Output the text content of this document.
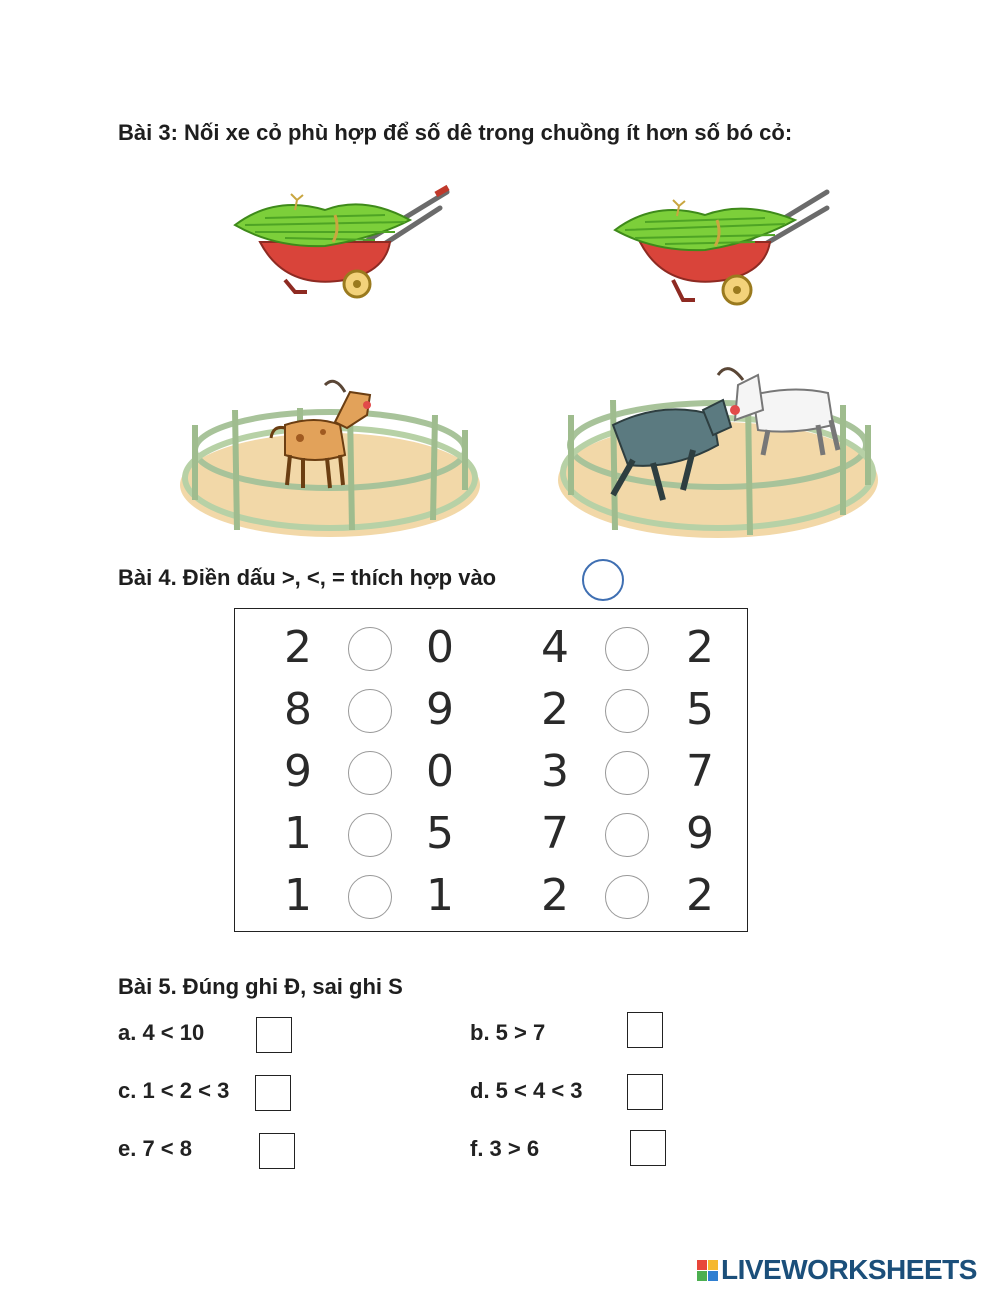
Bài 3: Nối xe cỏ phù hợp để số dê trong chuồng ít hơn số bó cỏ:
Bài 4. Điền dấu >, <, = thích hợp vào
2	0 4	2
8	9 2	5
9	0 3	7
1	5 7	9
1	1 2	2
Bài 5. Đúng ghi Đ, sai ghi S
a. 4 < 10	b. 5 > 7
c. 1 < 2 < 3	d. 5 < 4 < 3
e. 7 < 8	f. 3 > 6
LIVEWORKSHEETS
